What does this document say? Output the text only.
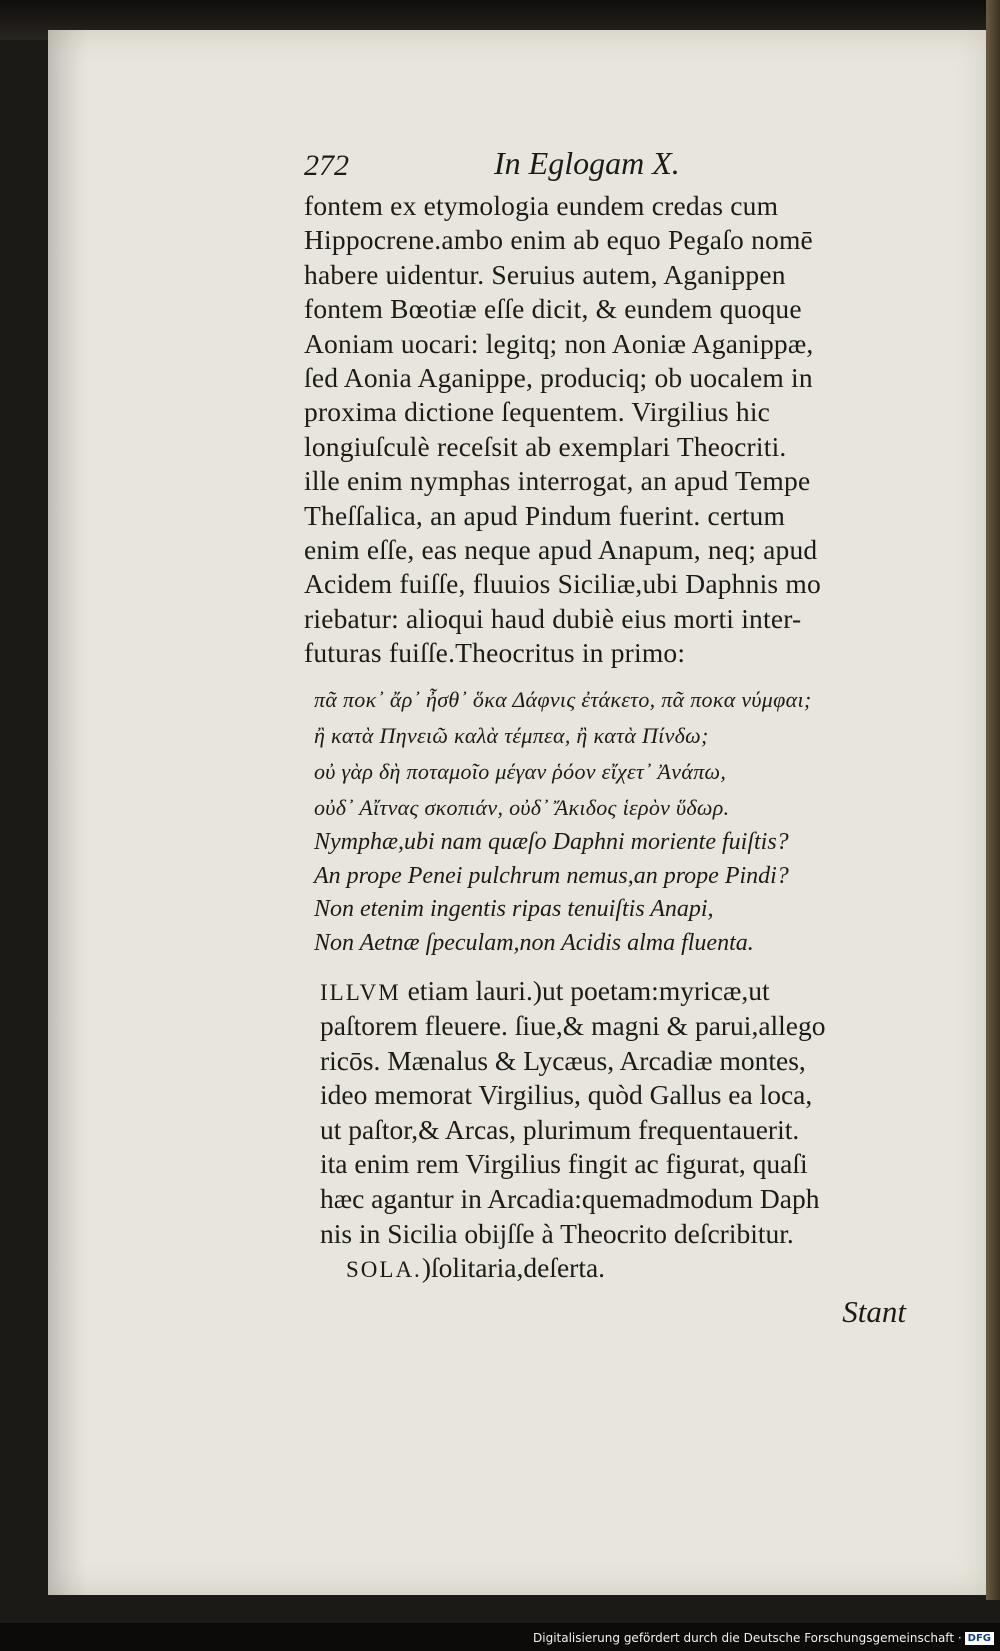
272	In Eglogam X.
fontem ex etymologia eundem credas cum
Hippocrene.ambo enim ab equo Pegaſo nomē
habere uidentur. Seruius autem, Aganippen
fontem Bœotiæ eſſe dicit, & eundem quoque
Aoniam uocari: legitq; non Aoniæ Aganippæ,
ſed Aonia Aganippe, produciq; ob uocalem in
proxima dictione ſequentem. Virgilius hic
longiuſculè receſsit ab exemplari Theocriti.
ille enim nymphas interrogat, an apud Tempe
Theſſalica, an apud Pindum fuerint. certum
enim eſſe, eas neque apud Anapum, neq; apud
Acidem fuiſſe, fluuios Siciliæ,ubi Daphnis mo
riebatur: alioqui haud dubiè eius morti inter-
futuras fuiſſe.Theocritus in primo:
πᾶ ποκ᾽ ἄρ᾽ ἦσθ᾽ ὅκα Δάφνις ἐτάκετο, πᾶ ποκα νύμφαι;
ἢ κατὰ Πηνειῶ καλὰ τέμπεα, ἢ κατὰ Πίνδω;
οὐ γὰρ δὴ ποταμοῖο μέγαν ῥόον εἴχετ᾽ Ἀνάπω,
οὐδ᾽ Αἴτνας σκοπιάν, οὐδ᾽ Ἄκιδος ἱερὸν ὕδωρ.
Nymphæ,ubi nam quæſo Daphni moriente fuiſtis?
An prope Penei pulchrum nemus,an prope Pindi?
Non etenim ingentis ripas tenuiſtis Anapi,
Non Aetnæ ſpeculam,non Acidis alma fluenta.
ILLVM etiam lauri.)ut poetam:myricæ,ut
paſtorem fleuere. ſiue,& magni & parui,allego
ricōs. Mænalus & Lycæus, Arcadiæ montes,
ideo memorat Virgilius, quòd Gallus ea loca,
ut paſtor,& Arcas, plurimum frequentauerit.
ita enim rem Virgilius fingit ac figurat, quaſi
hæc agantur in Arcadia:quemadmodum Daph
nis in Sicilia obijſſe à Theocrito deſcribitur.
SOLA.)ſolitaria,deſerta.
Stant
Digitalisierung gefördert durch die Deutsche Forschungsgemeinschaft · DFG
